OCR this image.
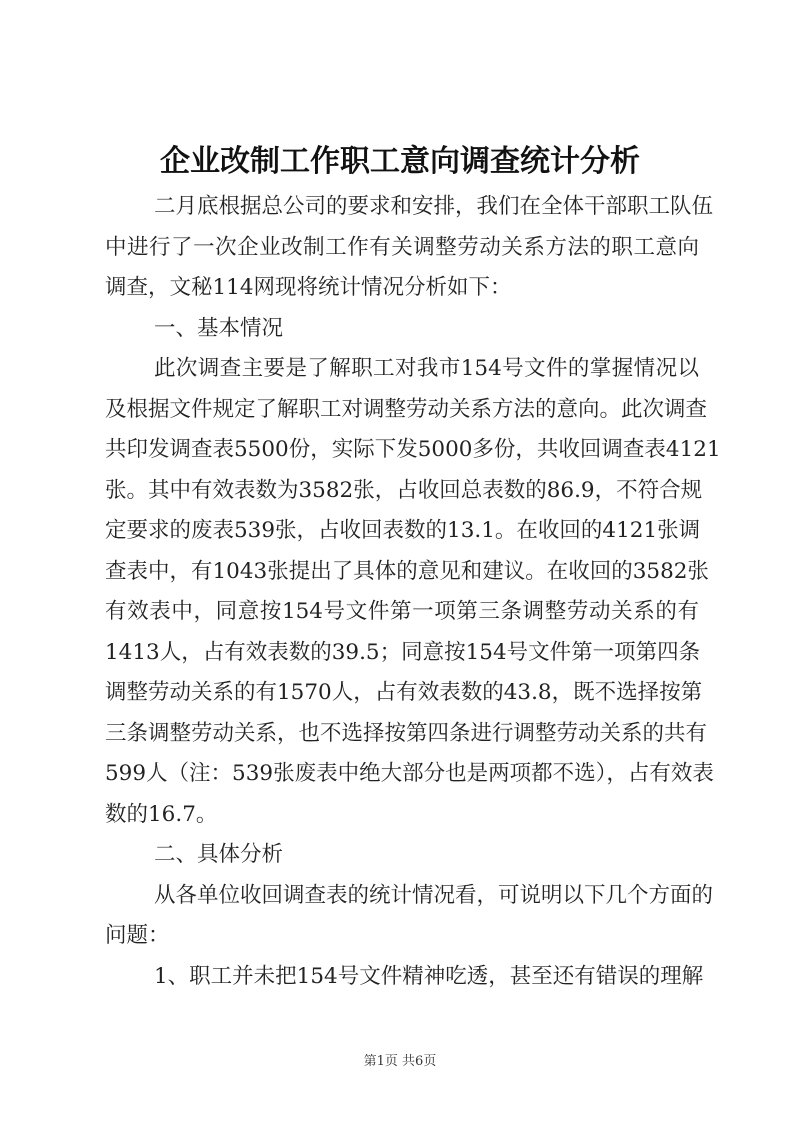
企业改制工作职工意向调查统计分析
二月底根据总公司的要求和安排，我们在全体干部职工队伍
中进行了一次企业改制工作有关调整劳动关系方法的职工意向
调查，文秘114网现将统计情况分析如下：
一、基本情况
此次调查主要是了解职工对我市154号文件的掌握情况以
及根据文件规定了解职工对调整劳动关系方法的意向。此次调查
共印发调查表5500份，实际下发5000多份，共收回调查表4121
张。其中有效表数为3582张，占收回总表数的86.9，不符合规
定要求的废表539张，占收回表数的13.1。在收回的4121张调
查表中，有1043张提出了具体的意见和建议。在收回的3582张
有效表中，同意按154号文件第一项第三条调整劳动关系的有
1413人，占有效表数的39.5；同意按154号文件第一项第四条
调整劳动关系的有1570人，占有效表数的43.8，既不选择按第
三条调整劳动关系，也不选择按第四条进行调整劳动关系的共有
599人（注：539张废表中绝大部分也是两项都不选），占有效表
数的16.7。
二、具体分析
从各单位收回调查表的统计情况看，可说明以下几个方面的
问题：
1、职工并未把154号文件精神吃透，甚至还有错误的理解
第1页 共6页
